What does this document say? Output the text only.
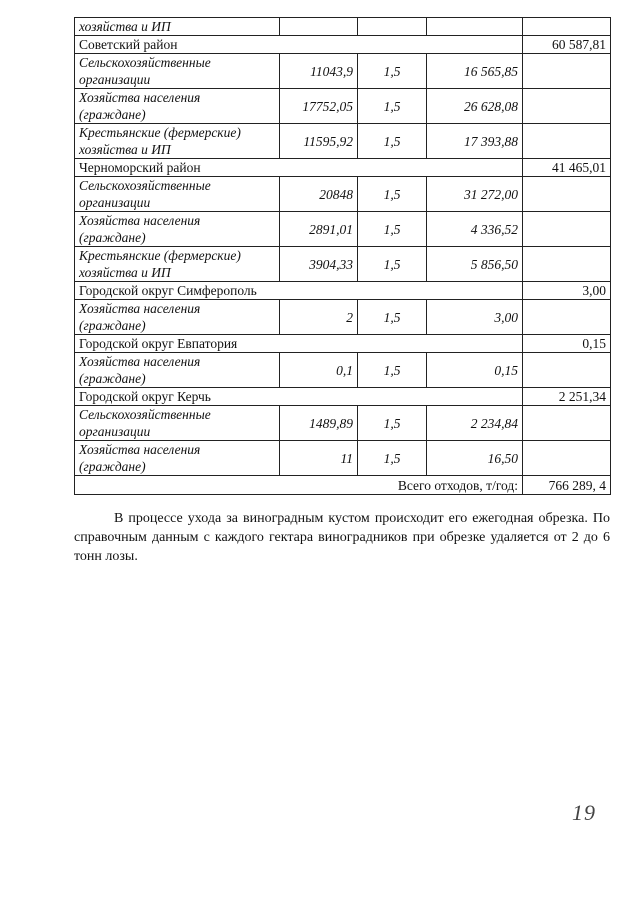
хозяйства и ИП				
Советский район				60 587,81

Сельскохозяйственные
организации	11043,9	1,5	16 565,85	

Хозяйства населения
(граждане)	17752,05	1,5	26 628,08	

Крестьянские (фермерские)
хозяйства и ИП	11595,92	1,5	17 393,88	
Черноморский район				41 465,01

Сельскохозяйственные
организации	20848	1,5	31 272,00	

Хозяйства населения
(граждане)	2891,01	1,5	4 336,52	

Крестьянские (фермерские)
хозяйства и ИП	3904,33	1,5	5 856,50	
Городской округ Симферополь				3,00

Хозяйства населения
(граждане)	2	1,5	3,00	
Городской округ Евпатория				0,15

Хозяйства населения
(граждане)	0,1	1,5	0,15	
Городской округ Керчь				2 251,34

Сельскохозяйственные
организации	1489,89	1,5	2 234,84	

Хозяйства населения
(граждане)	11	1,5	16,50	
Всего отходов, т/год:				766 289, 4
В процессе ухода за виноградным кустом происходит его ежегодная обрезка. По справочным данным с каждого гектара виноградников при обрезке удаляется от 2 до 6 тонн лозы.
19
